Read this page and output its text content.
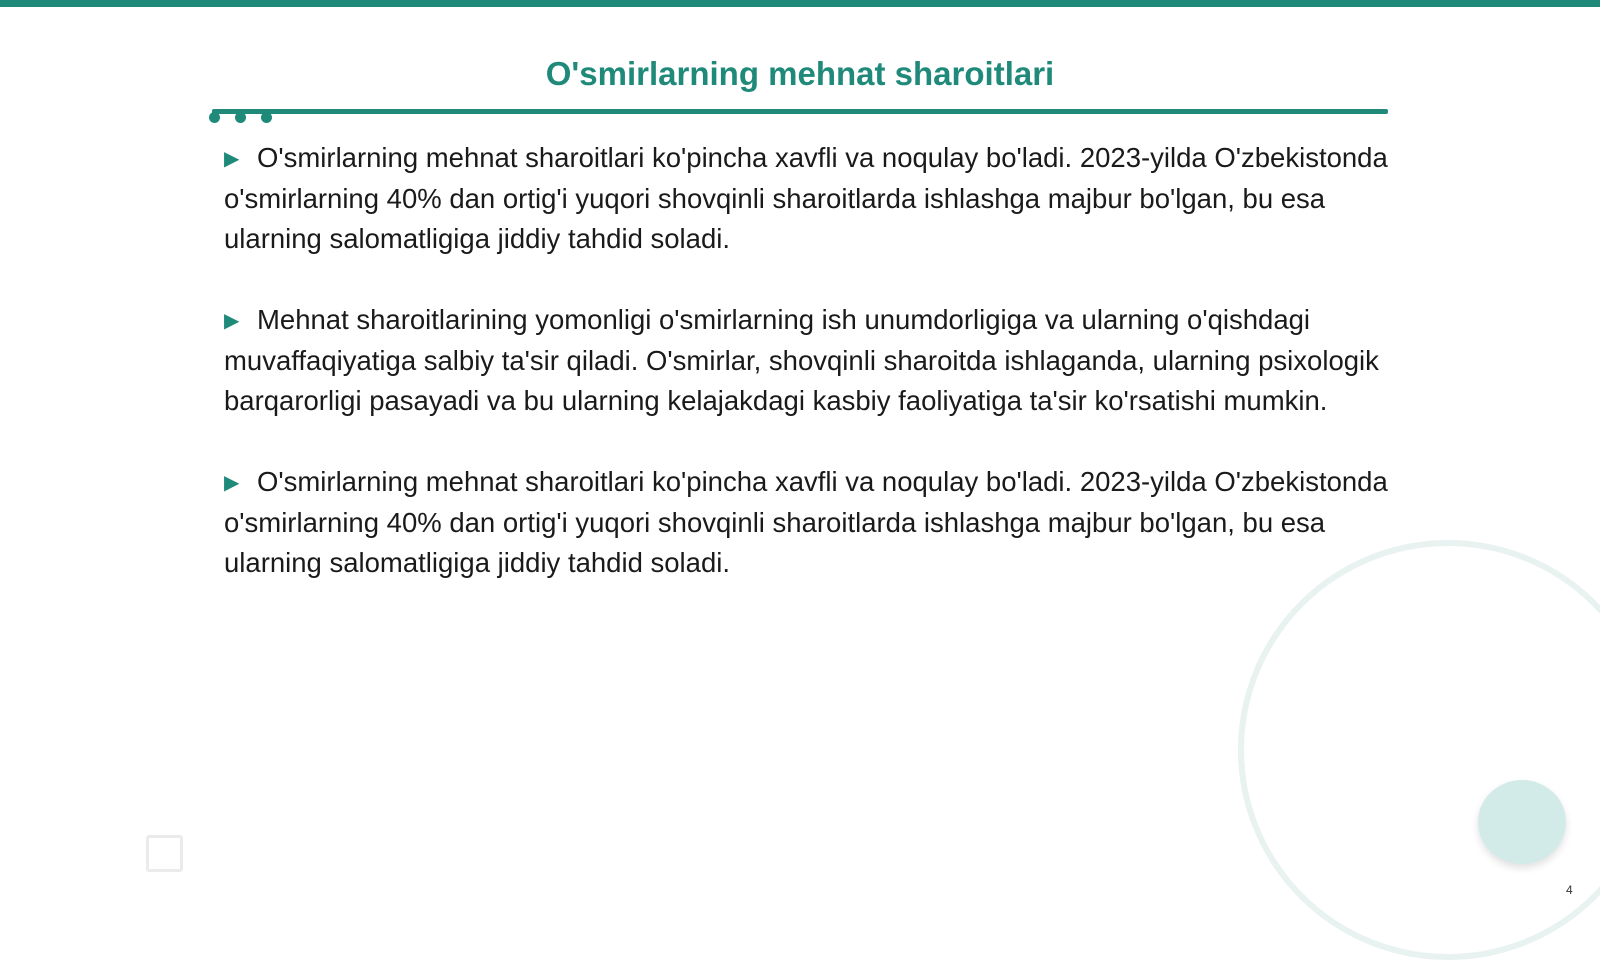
O'smirlarning mehnat sharoitlari

▶ O'smirlarning mehnat sharoitlari ko'pincha xavfli va noqulay bo'ladi. 2023-yilda O'zbekistonda o'smirlarning 40% dan ortig'i yuqori shovqinli sharoitlarda ishlashga majbur bo'lgan, bu esa ularning salomatligiga jiddiy tahdid soladi.

▶ Mehnat sharoitlarining yomonligi o'smirlarning ish unumdorligiga va ularning o'qishdagi muvaffaqiyatiga salbiy ta'sir qiladi. O'smirlar, shovqinli sharoitda ishlaganda, ularning psixologik barqarorligi pasayadi va bu ularning kelajakdagi kasbiy faoliyatiga ta'sir ko'rsatishi mumkin.

▶ O'smirlarning mehnat sharoitlari ko'pincha xavfli va noqulay bo'ladi. 2023-yilda O'zbekistonda o'smirlarning 40% dan ortig'i yuqori shovqinli sharoitlarda ishlashga majbur bo'lgan, bu esa ularning salomatligiga jiddiy tahdid soladi.

4
